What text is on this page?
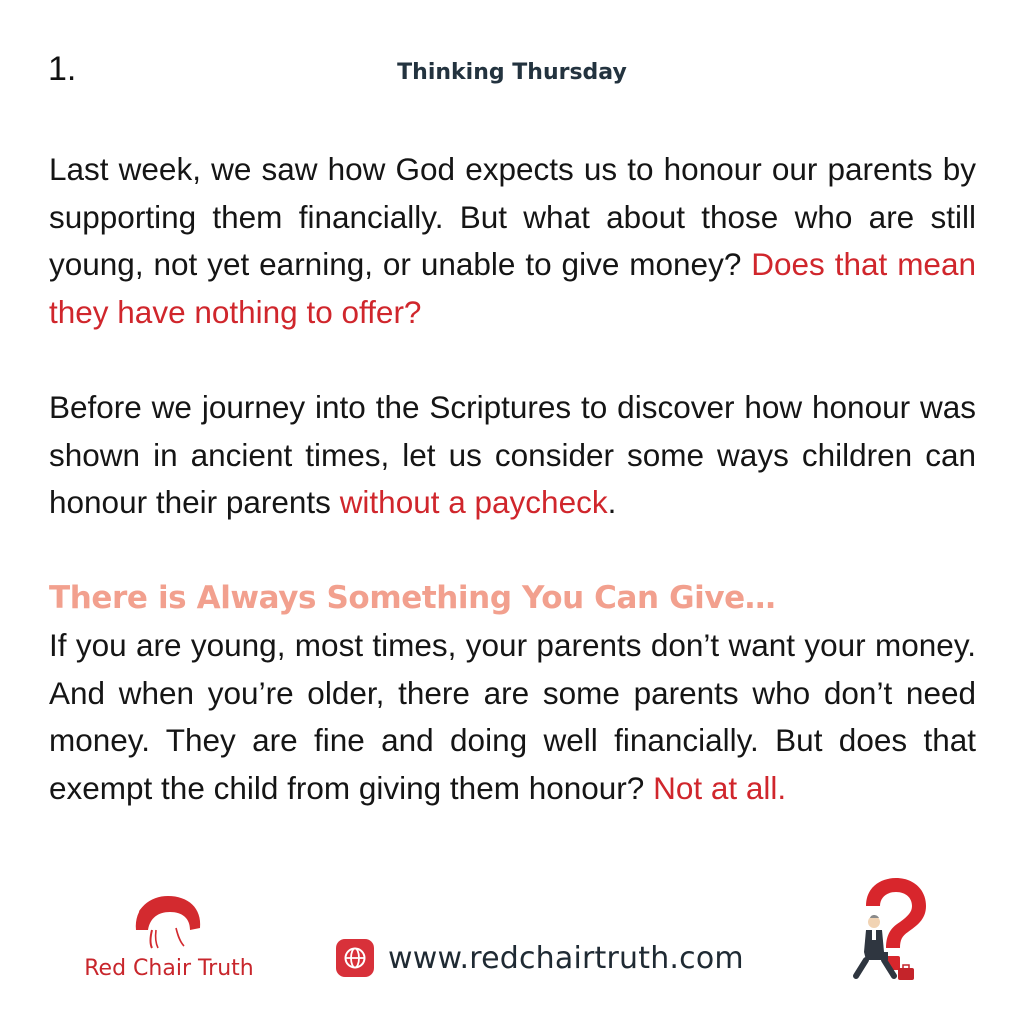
1.	Thinking Thursday

Last week, we saw how God expects us to honour our parents by supporting them financially. But what about those who are still young, not yet earning, or unable to give money? Does that mean they have nothing to offer?

Before we journey into the Scriptures to discover how honour was shown in ancient times, let us consider some ways children can honour their parents without a paycheck.

There is Always Something You Can Give…

If you are young, most times, your parents don’t want your money. And when you’re older, there are some parents who don’t need money. They are fine and doing well financially. But does that exempt the child from giving them honour? Not at all.

Red Chair Truth	www.redchairtruth.com
